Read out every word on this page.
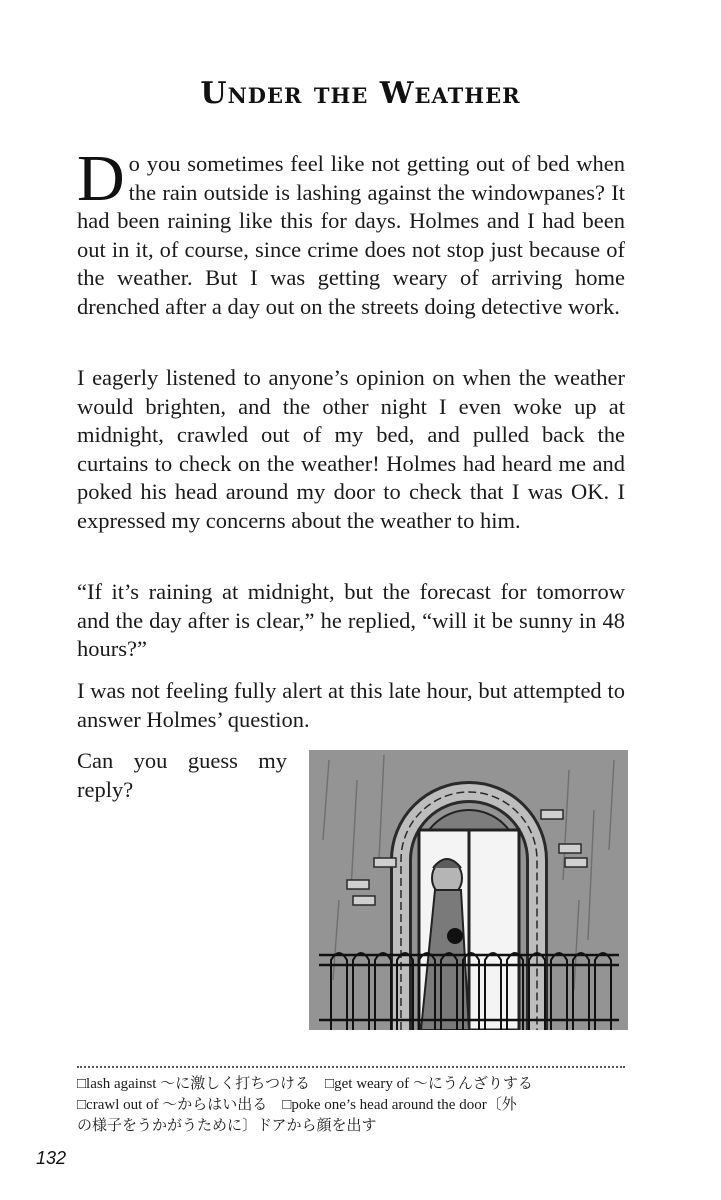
Under the Weather

Do you sometimes feel like not getting out of bed when the rain outside is lashing against the windowpanes? It had been raining like this for days. Holmes and I had been out in it, of course, since crime does not stop just because of the weather. But I was getting weary of arriving home drenched after a day out on the streets doing detective work.

I eagerly listened to anyone’s opinion on when the weather would brighten, and the other night I even woke up at midnight, crawled out of my bed, and pulled back the curtains to check on the weather! Holmes had heard me and poked his head around my door to check that I was OK. I expressed my concerns about the weather to him.

“If it’s raining at midnight, but the forecast for tomorrow and the day after is clear,” he replied, “will it be sunny in 48 hours?”

I was not feeling fully alert at this late hour, but attempted to answer Holmes’ question.

Can you guess my reply?

□lash against 〜に激しく打ちつける　□get weary of 〜にうんざりする
□crawl out of 〜からはい出る　□poke one’s head around the door〔外
の様子をうかがうために〕ドアから顔を出す
132
